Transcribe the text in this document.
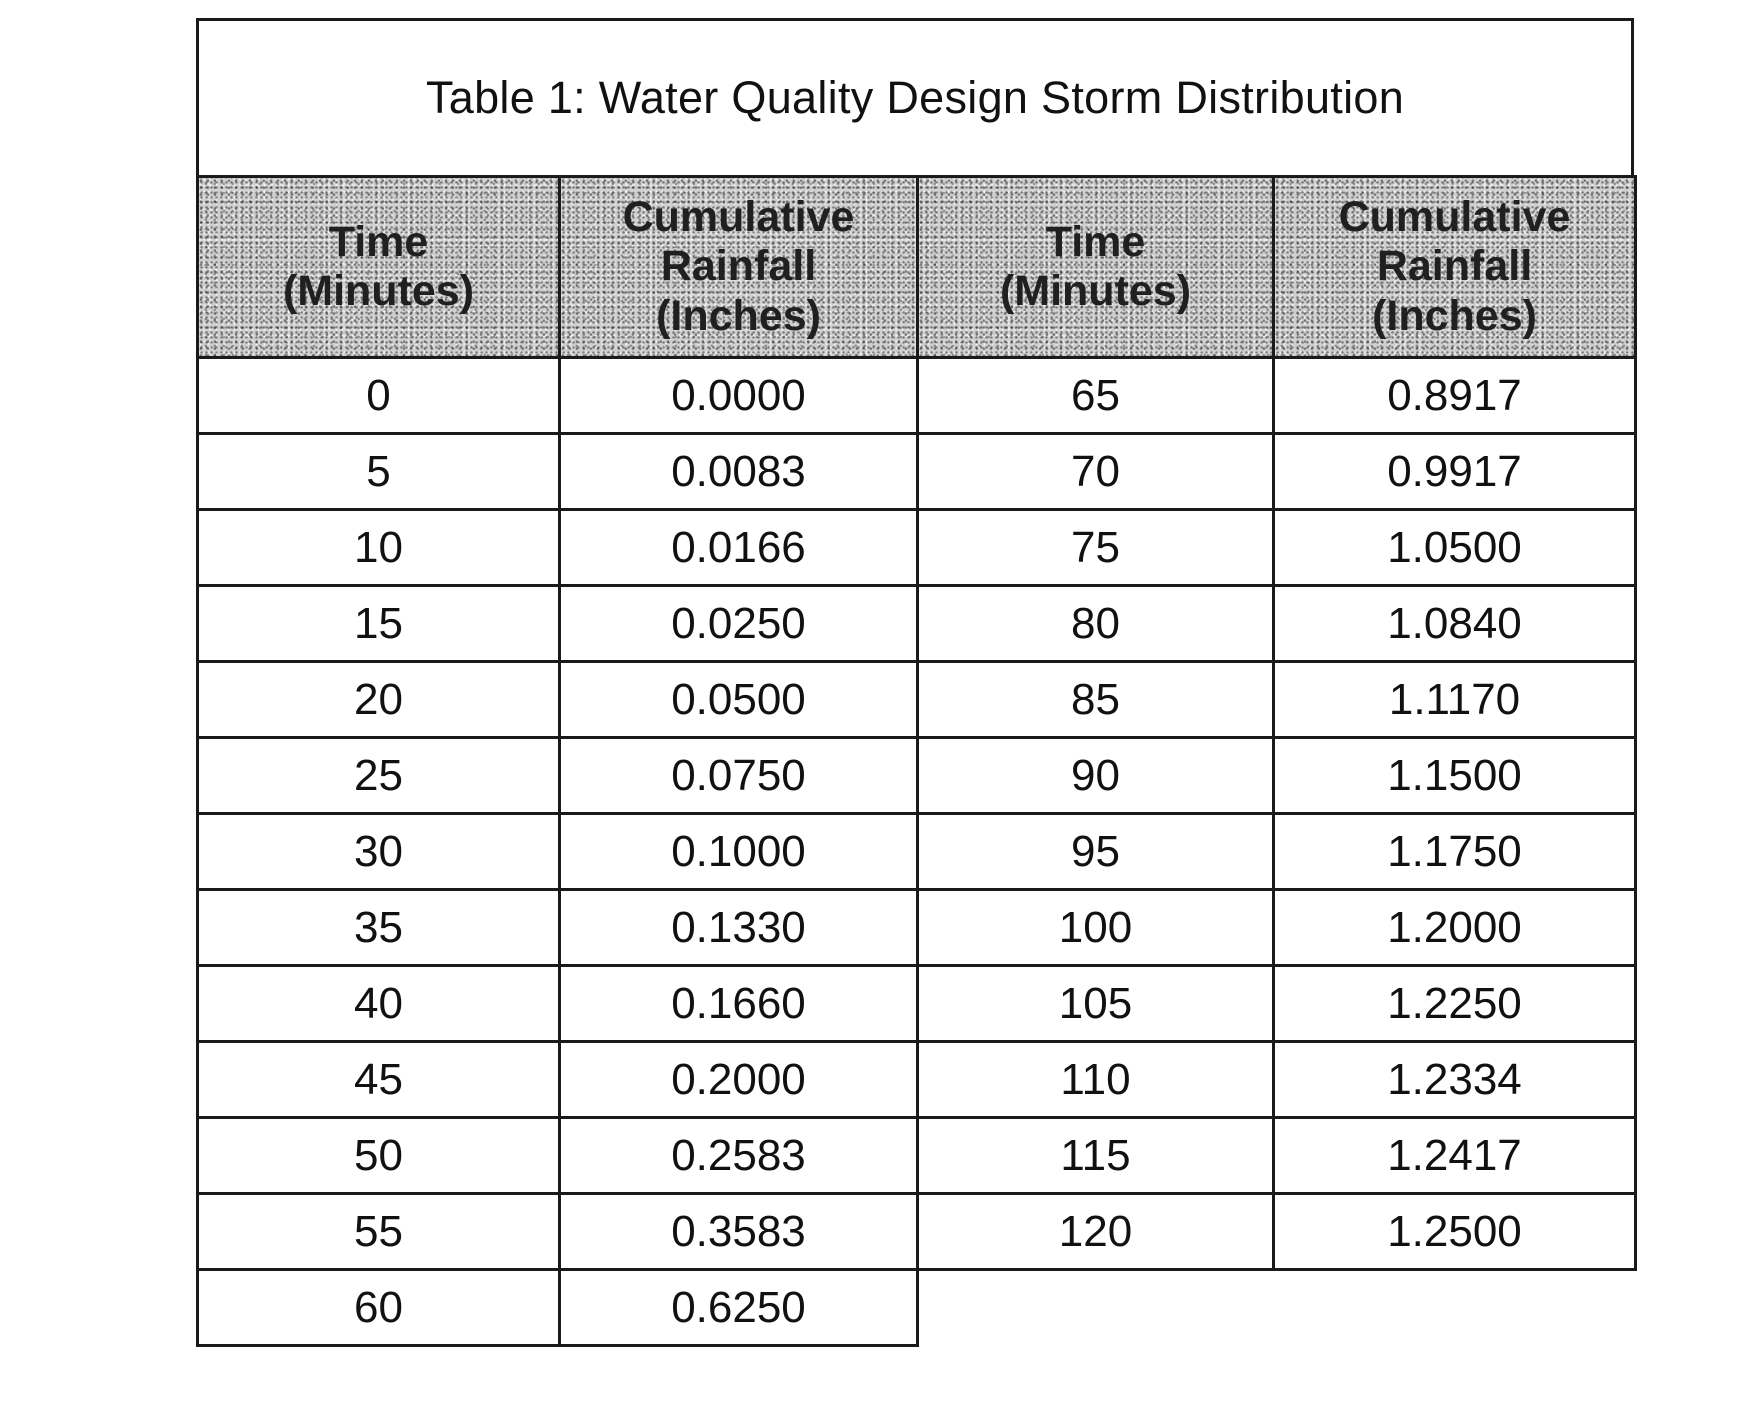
Table 1: Water Quality Design Storm Distribution
Time
(Minutes)	Cumulative
Rainfall
(Inches)	Time
(Minutes)	Cumulative
Rainfall
(Inches)

0	0.0000	65	0.8917
5	0.0083	70	0.9917
10	0.0166	75	1.0500
15	0.0250	80	1.0840
20	0.0500	85	1.1170
25	0.0750	90	1.1500
30	0.1000	95	1.1750
35	0.1330	100	1.2000
40	0.1660	105	1.2250
45	0.2000	110	1.2334
50	0.2583	115	1.2417
55	0.3583	120	1.2500
60	0.6250		
